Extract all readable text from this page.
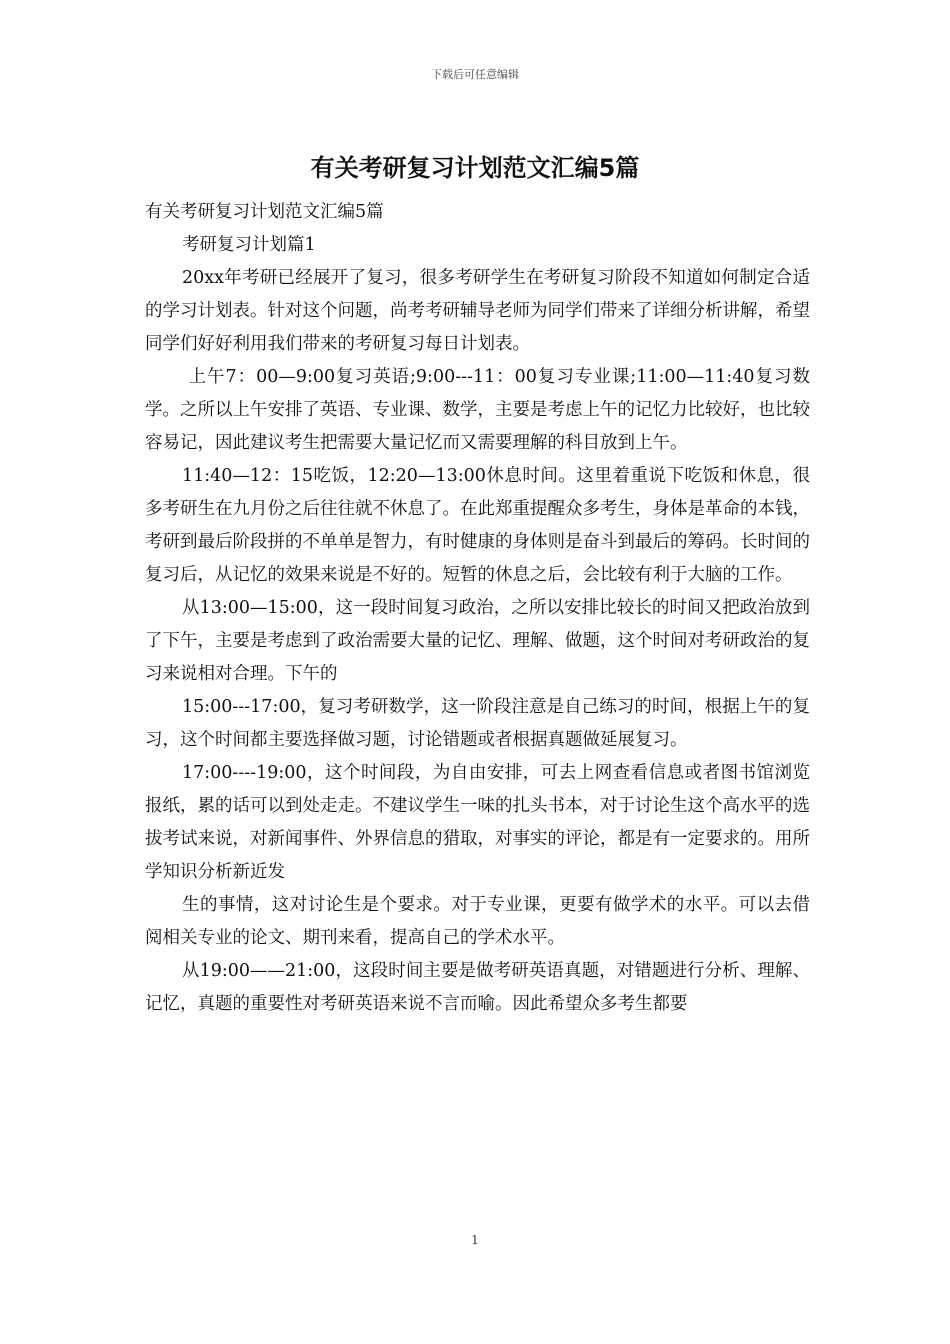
下载后可任意编辑
有关考研复习计划范文汇编5篇

有关考研复习计划范文汇编5篇

考研复习计划篇1

20xx年考研已经展开了复习，很多考研学生在考研复习阶段不知道如何制定合适的学习计划表。针对这个问题，尚考考研辅导老师为同学们带来了详细分析讲解，希望同学们好好利用我们带来的考研复习每日计划表。

上午7：00—9:00复习英语;9:00---11：00复习专业课;11:00—11:40复习数学。之所以上午安排了英语、专业课、数学，主要是考虑上午的记忆力比较好，也比较容易记，因此建议考生把需要大量记忆而又需要理解的科目放到上午。

11:40—12：15吃饭，12:20—13:00休息时间。这里着重说下吃饭和休息，很多考研生在九月份之后往往就不休息了。在此郑重提醒众多考生，身体是革命的本钱，考研到最后阶段拼的不单单是智力，有时健康的身体则是奋斗到最后的筹码。长时间的复习后，从记忆的效果来说是不好的。短暂的休息之后，会比较有利于大脑的工作。

从13:00—15:00，这一段时间复习政治，之所以安排比较长的时间又把政治放到了下午，主要是考虑到了政治需要大量的记忆、理解、做题，这个时间对考研政治的复习来说相对合理。下午的

15:00---17:00，复习考研数学，这一阶段注意是自己练习的时间，根据上午的复习，这个时间都主要选择做习题，讨论错题或者根据真题做延展复习。

17:00----19:00，这个时间段，为自由安排，可去上网查看信息或者图书馆浏览报纸，累的话可以到处走走。不建议学生一味的扎头书本，对于讨论生这个高水平的选拔考试来说，对新闻事件、外界信息的猎取，对事实的评论，都是有一定要求的。用所学知识分析新近发

生的事情，这对讨论生是个要求。对于专业课，更要有做学术的水平。可以去借阅相关专业的论文、期刊来看，提高自己的学术水平。

从19:00——21:00，这段时间主要是做考研英语真题，对错题进行分析、理解、记忆，真题的重要性对考研英语来说不言而喻。因此希望众多考生都要

1
